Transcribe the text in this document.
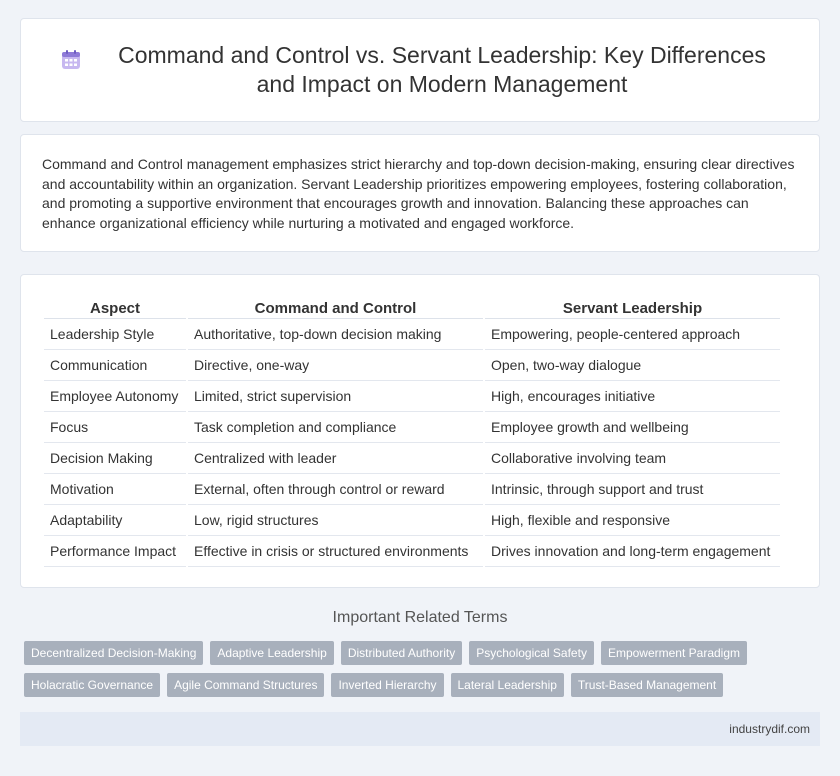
Command and Control vs. Servant Leadership: Key Differences and Impact on Modern Management

Command and Control management emphasizes strict hierarchy and top-down decision-making, ensuring clear directives and accountability within an organization. Servant Leadership prioritizes empowering employees, fostering collaboration, and promoting a supportive environment that encourages growth and innovation. Balancing these approaches can enhance organizational efficiency while nurturing a motivated and engaged workforce.

Aspect	Command and Control	Servant Leadership
Leadership Style	Authoritative, top-down decision making	Empowering, people-centered approach
Communication	Directive, one-way	Open, two-way dialogue
Employee Autonomy	Limited, strict supervision	High, encourages initiative
Focus	Task completion and compliance	Employee growth and wellbeing
Decision Making	Centralized with leader	Collaborative involving team
Motivation	External, often through control or reward	Intrinsic, through support and trust
Adaptability	Low, rigid structures	High, flexible and responsive
Performance Impact	Effective in crisis or structured environments	Drives innovation and long-term engagement
Important Related Terms
Decentralized Decision-Making	Adaptive Leadership	Distributed Authority	Psychological Safety	Empowerment Paradigm
Holacratic Governance	Agile Command Structures	Inverted Hierarchy	Lateral Leadership	Trust-Based Management
industrydif.com
